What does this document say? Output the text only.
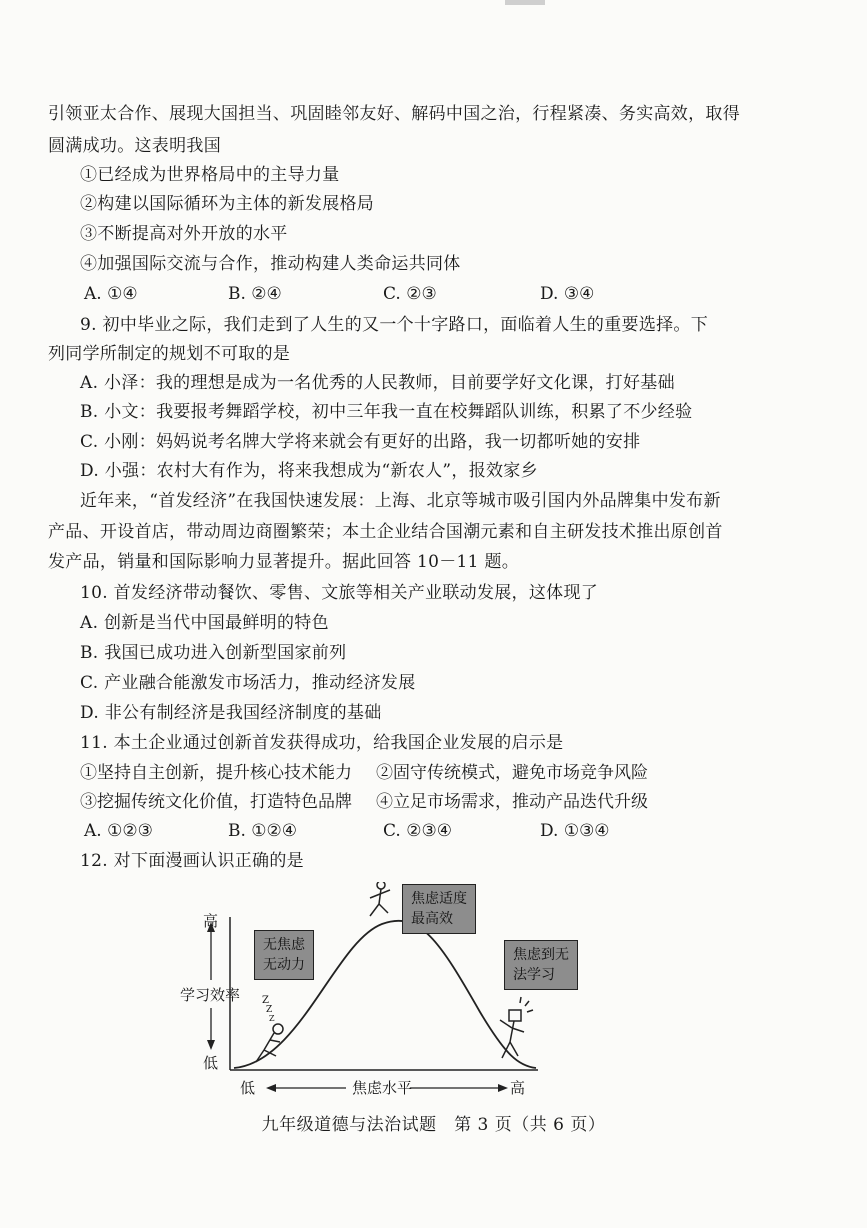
引领亚太合作、展现大国担当、巩固睦邻友好、解码中国之治，行程紧凑、务实高效，取得
圆满成功。这表明我国
①已经成为世界格局中的主导力量
②构建以国际循环为主体的新发展格局
③不断提高对外开放的水平
④加强国际交流与合作，推动构建人类命运共同体
A. ①④	B. ②④	C. ②③	D. ③④
9. 初中毕业之际，我们走到了人生的又一个十字路口，面临着人生的重要选择。下
列同学所制定的规划不可取的是
A. 小泽：我的理想是成为一名优秀的人民教师，目前要学好文化课，打好基础
B. 小文：我要报考舞蹈学校，初中三年我一直在校舞蹈队训练，积累了不少经验
C. 小刚：妈妈说考名牌大学将来就会有更好的出路，我一切都听她的安排
D. 小强：农村大有作为，将来我想成为“新农人”，报效家乡
近年来，“首发经济”在我国快速发展：上海、北京等城市吸引国内外品牌集中发布新
产品、开设首店，带动周边商圈繁荣；本土企业结合国潮元素和自主研发技术推出原创首
发产品，销量和国际影响力显著提升。据此回答 10－11 题。
10. 首发经济带动餐饮、零售、文旅等相关产业联动发展，这体现了
A. 创新是当代中国最鲜明的特色
B. 我国已成功进入创新型国家前列
C. 产业融合能激发市场活力，推动经济发展
D. 非公有制经济是我国经济制度的基础
11. 本土企业通过创新首发获得成功，给我国企业发展的启示是
①坚持自主创新，提升核心技术能力 ②固守传统模式，避免市场竞争风险
③挖掘传统文化价值，打造特色品牌 ④立足市场需求，推动产品迭代升级
A. ①②③	B. ①②④	C. ②③④	D. ①③④
12. 对下面漫画认识正确的是
高
学习效率
低
低	焦虑水平	高
Z
Z
Z
无焦虑
无动力
焦虑适度
最高效
焦虑到无
法学习
九年级道德与法治试题　第 3 页（共 6 页）
